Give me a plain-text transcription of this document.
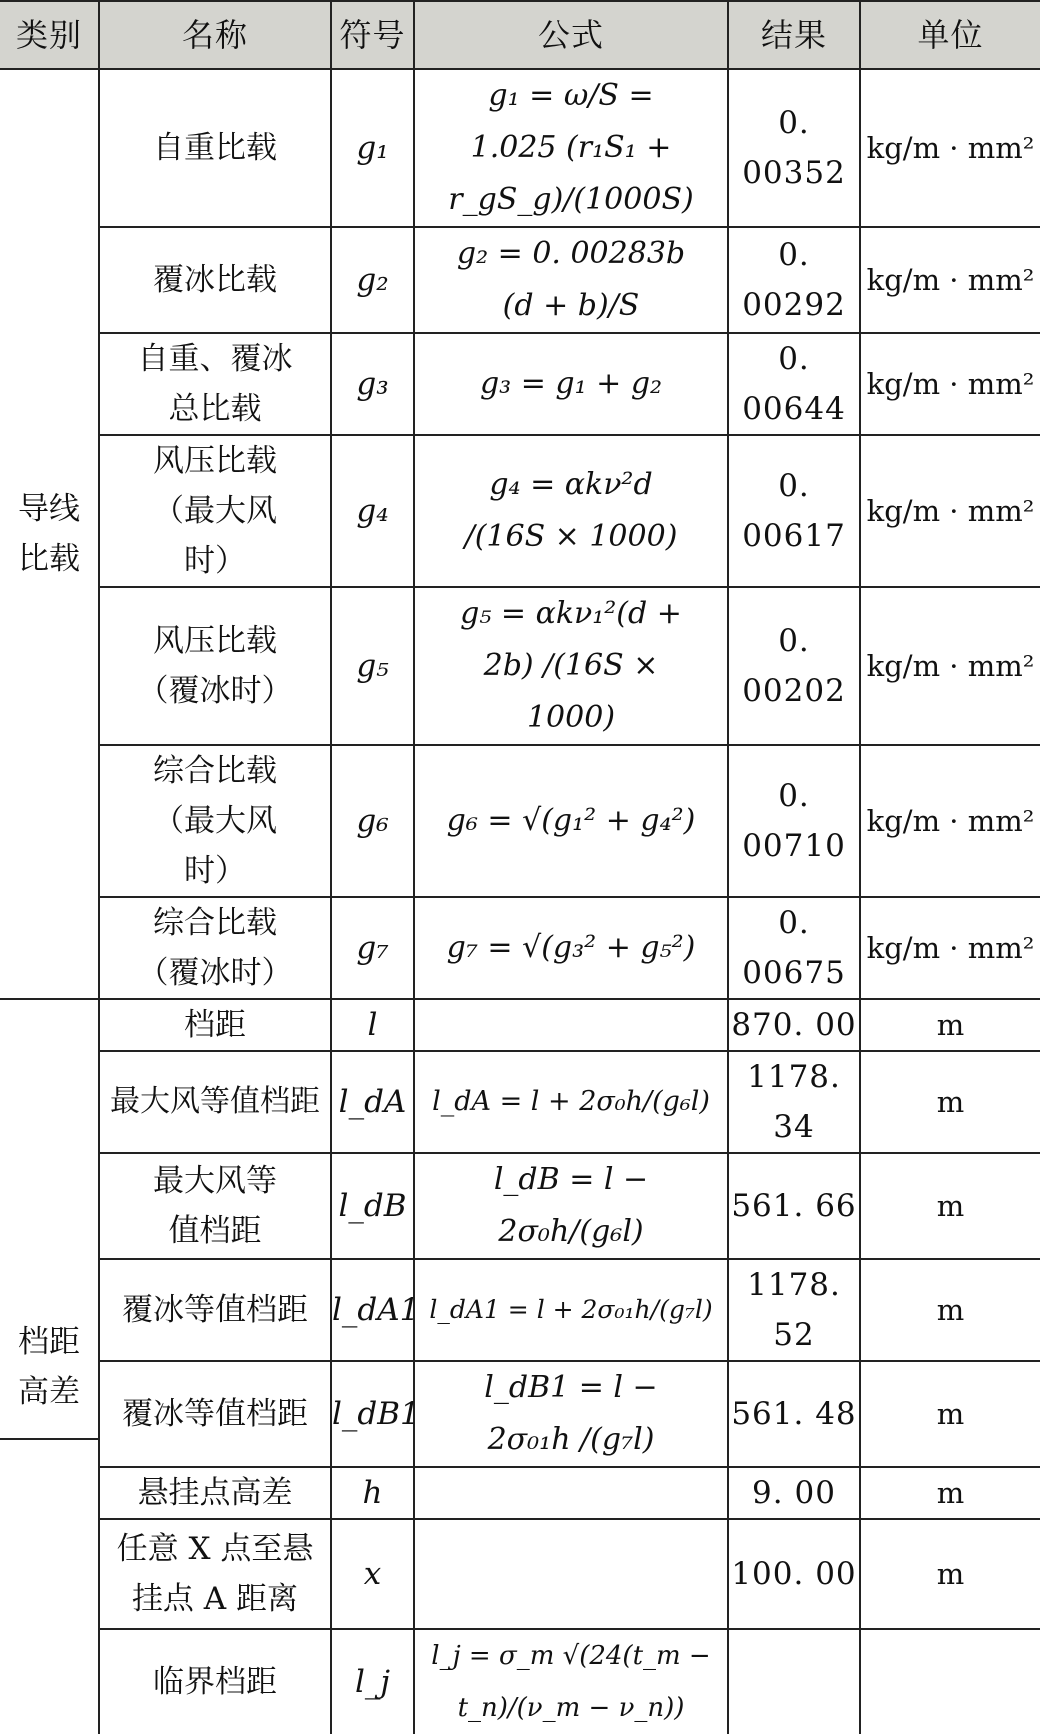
类别	名称	符号	公式	结果	单位
导线比载	自重比载	g₁	g₁ = ω/S = 1.025 (r₁S₁ + r_gS_g)/(1000S)	0. 00352	kg/m · mm²
	覆冰比载	g₂	g₂ = 0. 00283b (d + b)/S	0. 00292	kg/m · mm²

	自重、覆冰总比载	g₃	g₃ = g₁ + g₂	0. 00644	kg/m · mm²

	风压比载（最大风时）	g₄	g₄ = αkν²d /(16S × 1000)	0. 00617	kg/m · mm²

	风压比载（覆冰时）	g₅	g₅ = αkν₁²(d + 2b) /(16S × 1000)	0. 00202	kg/m · mm²

	综合比载（最大风时）	g₆	g₆ = √(g₁² + g₄²)	0. 00710	kg/m · mm²

	综合比载（覆冰时）	g₇	g₇ = √(g₃² + g₅²)	0. 00675	kg/m · mm²
档距高差	档距	l		870. 00	m
	最大风等值档距	l_dA	l_dA = l + 2σ₀h/(g₆l)	1178. 34	m

	最大风等值档距	l_dB	l_dB = l − 2σ₀h/(g₆l)	561. 66	m
	覆冰等值档距	l_dA1	l_dA1 = l + 2σ₀₁h/(g₇l)	1178. 52	m
	覆冰等值档距	l_dB1	l_dB1 = l − 2σ₀₁h /(g₇l)	561. 48	m
	悬挂点高差	h		9. 00	m

	任意 X 点至悬挂点 A 距离	x		100. 00	m
	临界档距	l_j	l_j = σ_m √(24(t_m − t_n)/(ν_m − ν_n))		
